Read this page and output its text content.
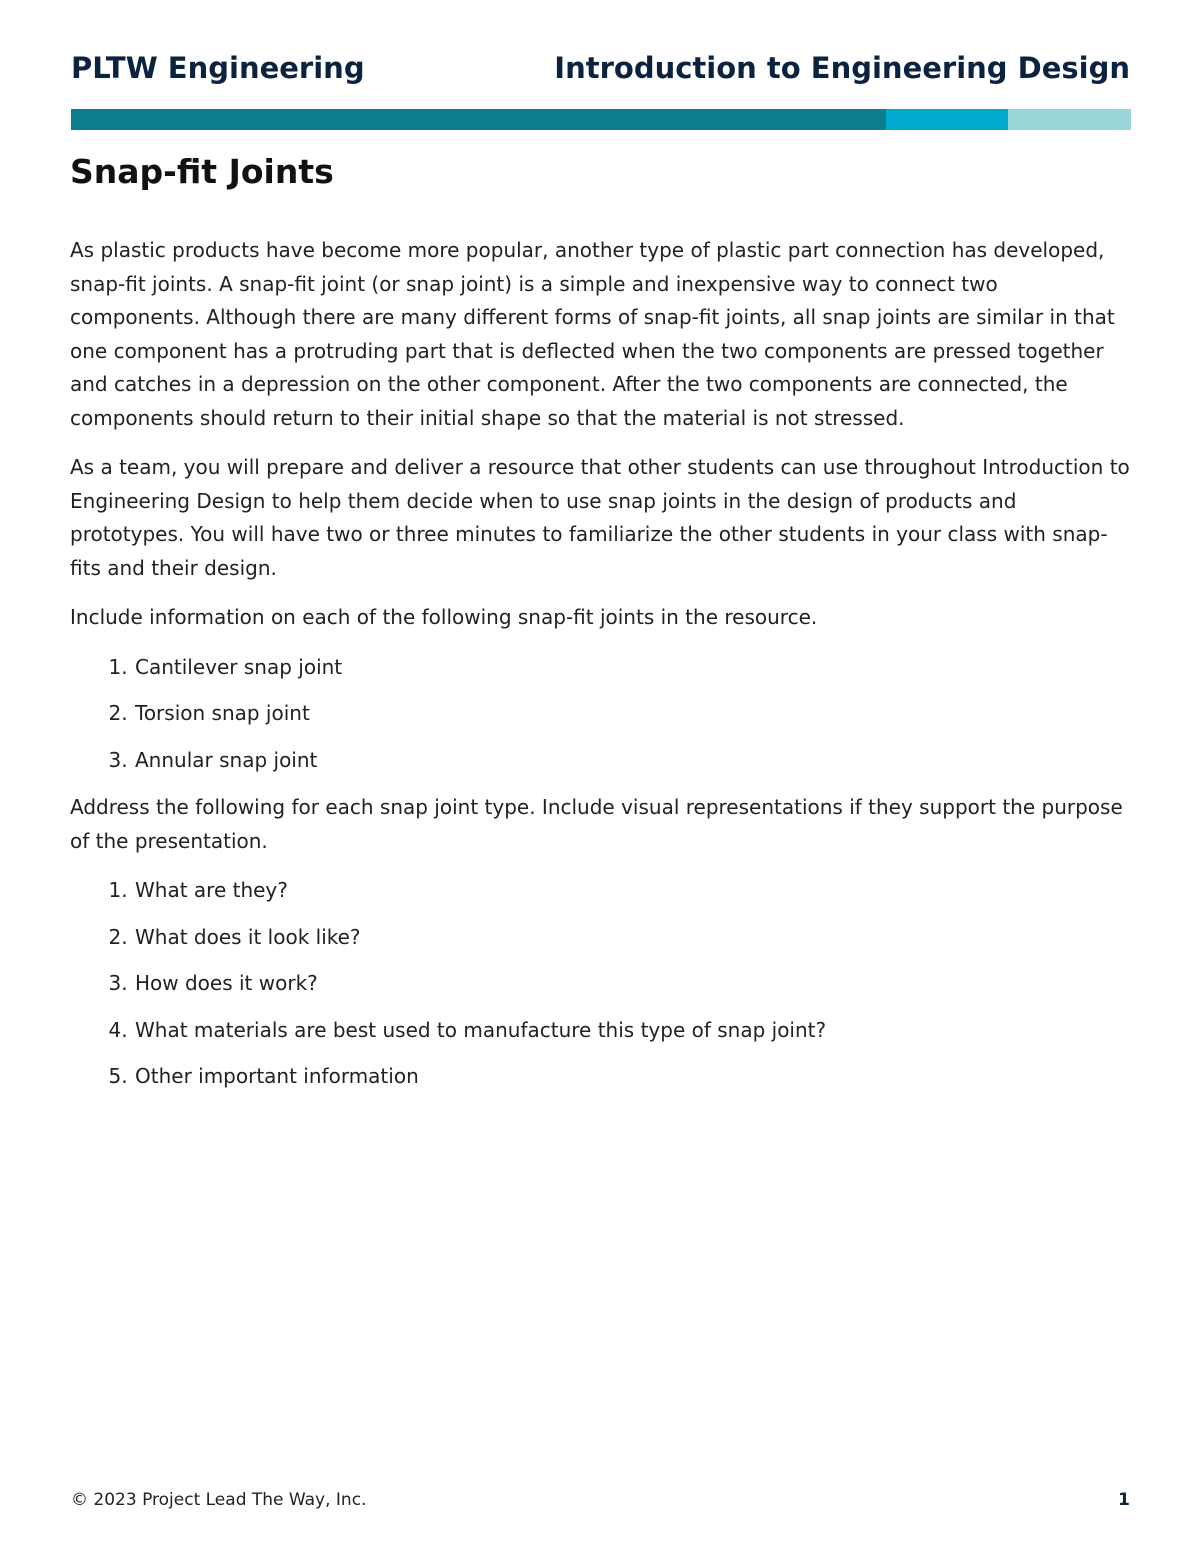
PLTW Engineering	Introduction to Engineering Design
Snap-fit Joints

As plastic products have become more popular, another type of plastic part connection has developed, snap-fit joints. A snap-fit joint (or snap joint) is a simple and inexpensive way to connect two components. Although there are many different forms of snap-fit joints, all snap joints are similar in that one component has a protruding part that is deflected when the two components are pressed together and catches in a depression on the other component. After the two components are connected, the components should return to their initial shape so that the material is not stressed.

As a team, you will prepare and deliver a resource that other students can use throughout Introduction to Engineering Design to help them decide when to use snap joints in the design of products and prototypes. You will have two or three minutes to familiarize the other students in your class with snap-fits and their design.

Include information on each of the following snap-fit joints in the resource.

1. Cantilever snap joint
2. Torsion snap joint
3. Annular snap joint

Address the following for each snap joint type. Include visual representations if they support the purpose of the presentation.

1. What are they?
2. What does it look like?
3. How does it work?
4. What materials are best used to manufacture this type of snap joint?
5. Other important information
© 2023 Project Lead The Way, Inc.	1
